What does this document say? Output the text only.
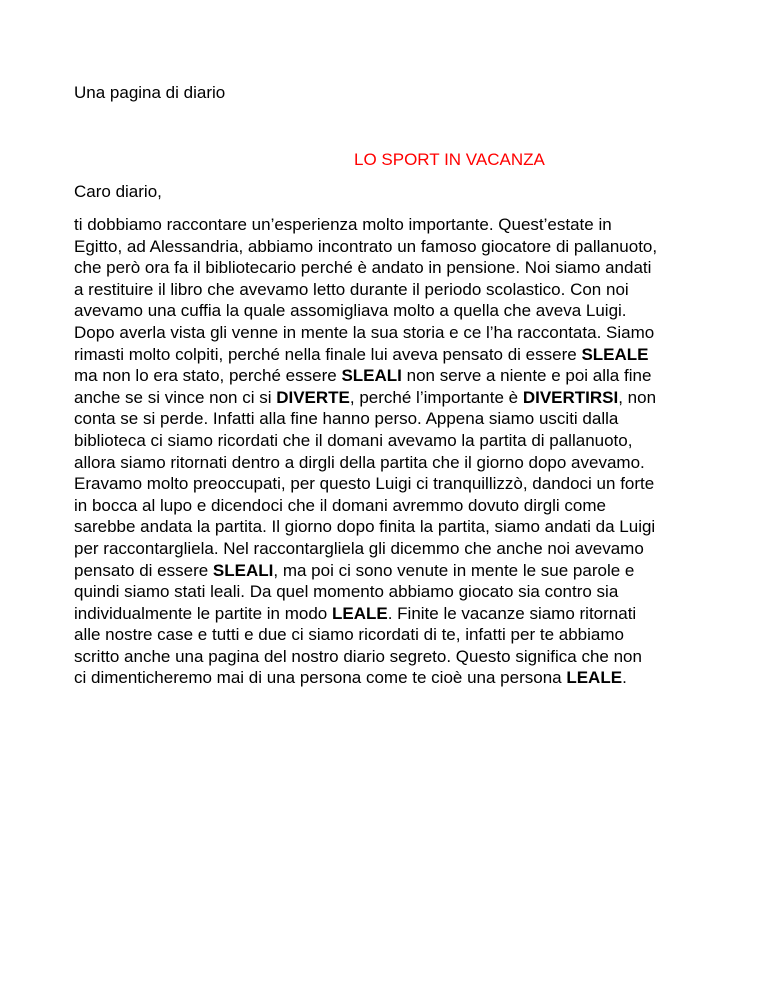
Una pagina di diario

LO SPORT IN VACANZA

Caro diario,

ti dobbiamo raccontare un’esperienza molto importante. Quest’estate in
Egitto, ad Alessandria, abbiamo incontrato un famoso giocatore di pallanuoto,
che però ora fa il bibliotecario perché è andato in pensione. Noi siamo andati
a restituire il libro che avevamo letto durante il periodo scolastico. Con noi
avevamo una cuffia la quale assomigliava molto a quella che aveva Luigi.
Dopo averla vista gli venne in mente la sua storia e ce l’ha raccontata. Siamo
rimasti molto colpiti, perché nella finale lui aveva pensato di essere SLEALE
ma non lo era stato, perché essere SLEALI non serve a niente e poi alla fine
anche se si vince non ci si DIVERTE, perché l’importante è DIVERTIRSI, non
conta se si perde. Infatti alla fine hanno perso. Appena siamo usciti dalla
biblioteca ci siamo ricordati che il domani avevamo la partita di pallanuoto,
allora siamo ritornati dentro a dirgli della partita che il giorno dopo avevamo.
Eravamo molto preoccupati, per questo Luigi ci tranquillizzò, dandoci un forte
in bocca al lupo e dicendoci che il domani avremmo dovuto dirgli come
sarebbe andata la partita. Il giorno dopo finita la partita, siamo andati da Luigi
per raccontargliela. Nel raccontargliela gli dicemmo che anche noi avevamo
pensato di essere SLEALI, ma poi ci sono venute in mente le sue parole e
quindi siamo stati leali. Da quel momento abbiamo giocato sia contro sia
individualmente le partite in modo LEALE. Finite le vacanze siamo ritornati
alle nostre case e tutti e due ci siamo ricordati di te, infatti per te abbiamo
scritto anche una pagina del nostro diario segreto. Questo significa che non
ci dimenticheremo mai di una persona come te cioè una persona LEALE.
